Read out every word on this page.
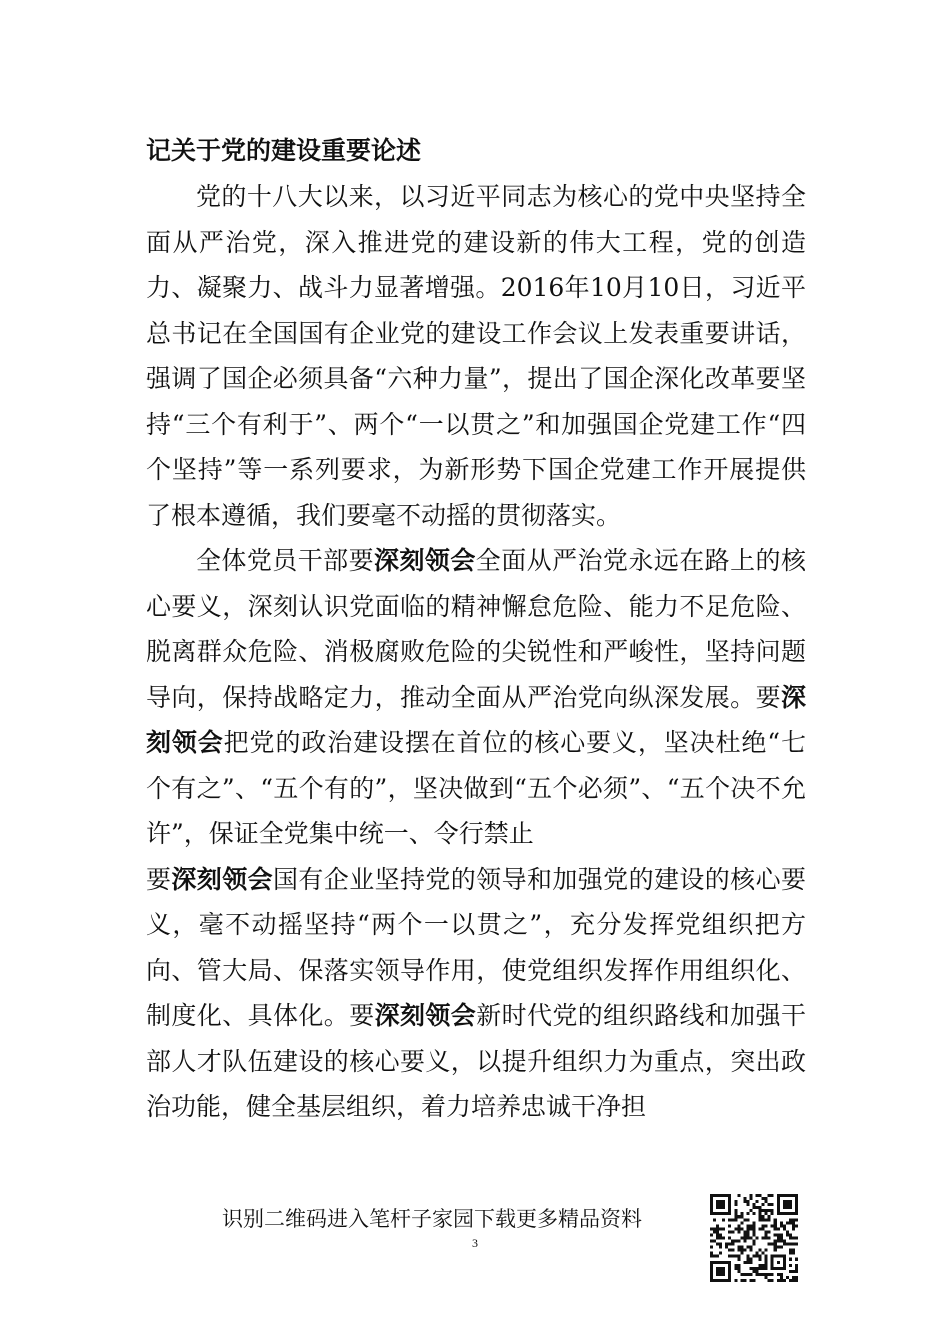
记关于党的建设重要论述

党的十八大以来，以习近平同志为核心的党中央坚持全面从严治党，深入推进党的建设新的伟大工程，党的创造力、凝聚力、战斗力显著增强。2016年10月10日，习近平总书记在全国国有企业党的建设工作会议上发表重要讲话，强调了国企必须具备“六种力量”，提出了国企深化改革要坚持“三个有利于”、两个“一以贯之”和加强国企党建工作“四个坚持”等一系列要求，为新形势下国企党建工作开展提供了根本遵循，我们要毫不动摇的贯彻落实。

全体党员干部要深刻领会全面从严治党永远在路上的核心要义，深刻认识党面临的精神懈怠危险、能力不足危险、脱离群众危险、消极腐败危险的尖锐性和严峻性，坚持问题导向，保持战略定力，推动全面从严治党向纵深发展。要深刻领会把党的政治建设摆在首位的核心要义，坚决杜绝“七个有之”、“五个有的”，坚决做到“五个必须”、“五个决不允许”，保证全党集中统一、令行禁止
要深刻领会国有企业坚持党的领导和加强党的建设的核心要义，毫不动摇坚持“两个一以贯之”，充分发挥党组织把方向、管大局、保落实领导作用，使党组织发挥作用组织化、制度化、具体化。要深刻领会新时代党的组织路线和加强干部人才队伍建设的核心要义，以提升组织力为重点，突出政治功能，健全基层组织，着力培养忠诚干净担

识别二维码进入笔杆子家园下载更多精品资料
3
